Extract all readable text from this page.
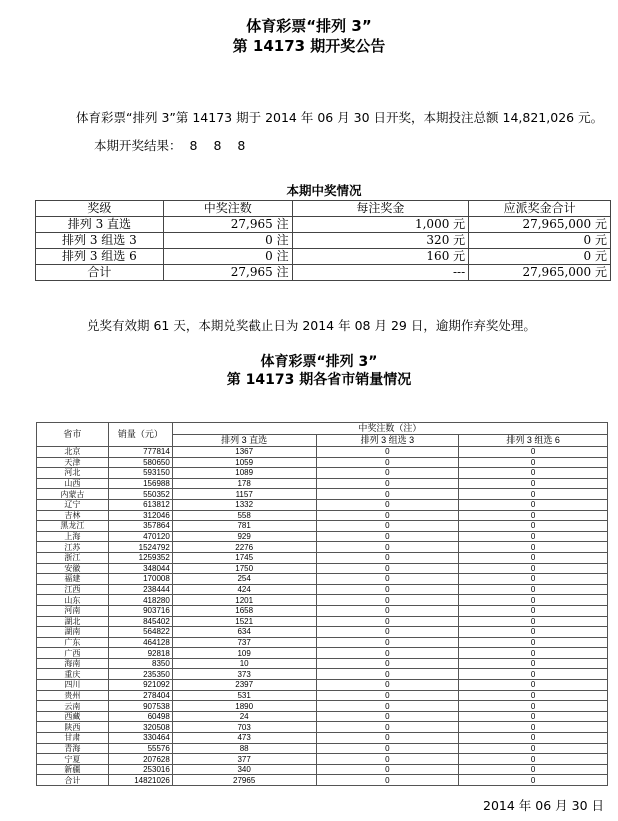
体育彩票“排列 3”
第 14173 期开奖公告
体育彩票“排列 3”第 14173 期于 2014 年 06 月 30 日开奖，本期投注总额 14,821,026 元。
本期开奖结果： 8 8 8
本期中奖情况
奖级	中奖注数	每注奖金	应派奖金合计
排列 3 直选	27,965 注	1,000 元	27,965,000 元
排列 3 组选 3	0 注	320 元	0 元
排列 3 组选 6	0 注	160 元	0 元
合计	27,965 注	---	27,965,000 元
兑奖有效期 61 天，本期兑奖截止日为 2014 年 08 月 29 日，逾期作弃奖处理。
体育彩票“排列 3”
第 14173 期各省市销量情况
省市	销量（元）	中奖注数（注）		
		排列 3 直选	排列 3 组选 3	排列 3 组选 6
北京	777814	1367	0	0
天津	580650	1059	0	0
河北	593150	1089	0	0
山西	156988	178	0	0
内蒙古	550352	1157	0	0
辽宁	613812	1332	0	0
吉林	312046	558	0	0
黑龙江	357864	781	0	0
上海	470120	929	0	0
江苏	1524792	2276	0	0
浙江	1259352	1745	0	0
安徽	348044	1750	0	0
福建	170008	254	0	0
江西	238444	424	0	0
山东	418280	1201	0	0
河南	903716	1658	0	0
湖北	845402	1521	0	0
湖南	564822	634	0	0
广东	464128	737	0	0
广西	92818	109	0	0
海南	8350	10	0	0
重庆	235350	373	0	0
四川	921092	2397	0	0
贵州	278404	531	0	0
云南	907538	1890	0	0
西藏	60498	24	0	0
陕西	320508	703	0	0
甘肃	330464	473	0	0
青海	55576	88	0	0
宁夏	207628	377	0	0
新疆	253016	340	0	0
合计	14821026	27965	0	0
2014 年 06 月 30 日
